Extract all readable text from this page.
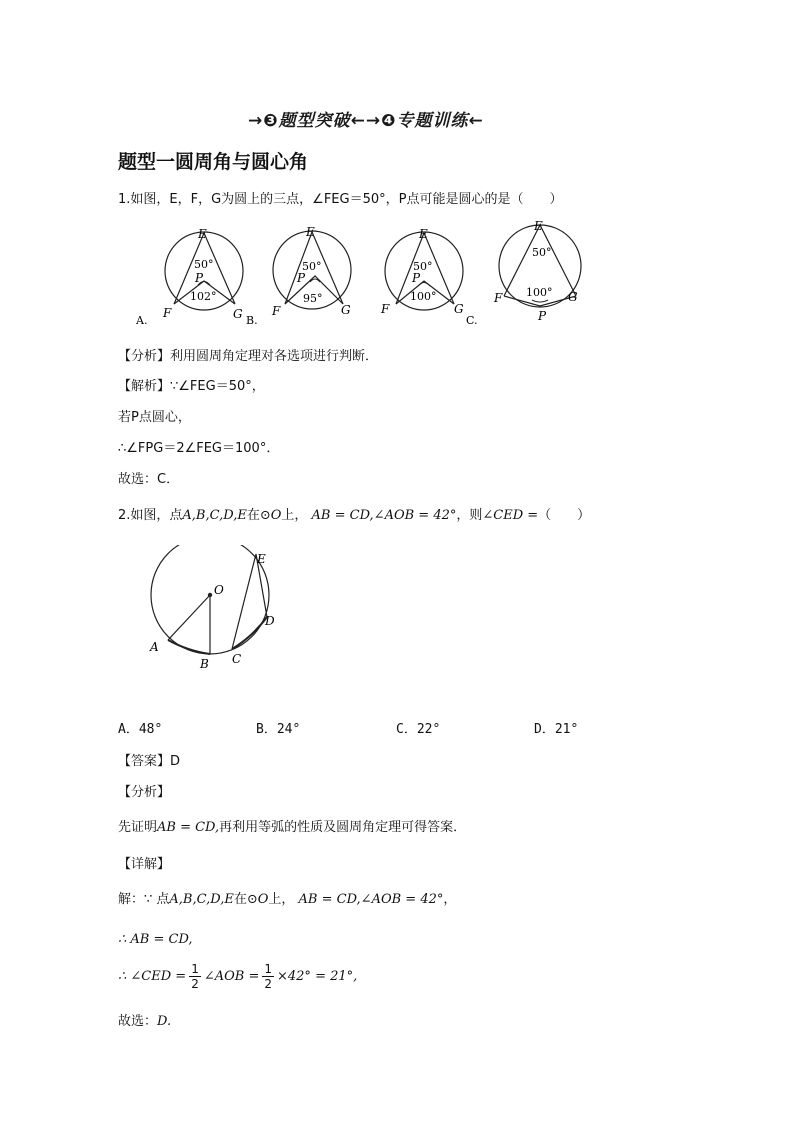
→❸题型突破←→❹专题训练←
题型一圆周角与圆心角
1.如图，E，F，G为圆上的三点，∠FEG＝50°，P点可能是圆心的是（　　）
E
50°
P
102°
F	G
A.
E
50°
P
95°
F	G
B.
E
50°
P
100°
F	G
C.
E
50°
100°
F	G
P
【分析】利用圆周角定理对各选项进行判断．
【解析】∵∠FEG＝50°，
若P点圆心，
∴∠FPG＝2∠FEG＝100°．
故选：C．
2.如图，点A,B,C,D,E在⊙O上， AB = CD,∠AOB = 42°，则∠CED =（　　）
O
A
B C
D
E
A．48°	B．24°	C．22°	D．21°
【答案】D
【分析】
先证明AB = CD,再利用等弧的性质及圆周角定理可得答案．
【详解】
解：∵ 点A,B,C,D,E在⊙O上， AB = CD,∠AOB = 42°，
∴ AB = CD,
∴ ∠CED = $\frac{1}{2}$ ∠AOB = $\frac{1}{2} \times 42^\circ = 21^\circ$,
故选：D.
